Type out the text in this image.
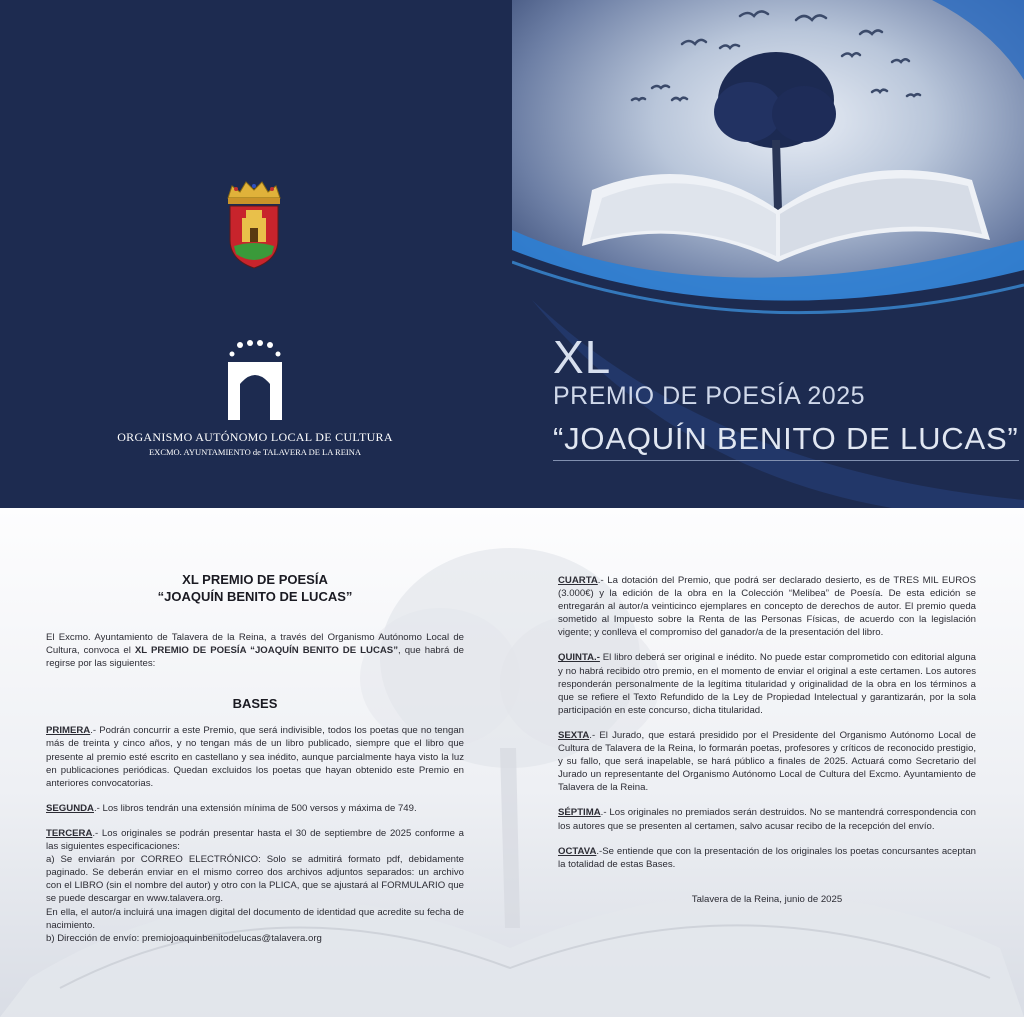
ORGANISMO AUTÓNOMO LOCAL DE CULTURA
EXCMO. AYUNTAMIENTO de TALAVERA DE LA REINA
XL
PREMIO DE POESÍA 2025
“JOAQUÍN BENITO DE LUCAS”
XL PREMIO DE POESÍA
“JOAQUÍN BENITO DE LUCAS”

El Excmo. Ayuntamiento de Talavera de la Reina, a través del Organismo Autónomo Local de Cultura, convoca el XL PREMIO DE POESÍA “JOAQUÍN BENITO DE LUCAS”, que habrá de regirse por las siguientes:

BASES

PRIMERA.- Podrán concurrir a este Premio, que será indivisible, todos los poetas que no tengan más de treinta y cinco años, y no tengan más de un libro publicado, siempre que el libro que presente al premio esté escrito en castellano y sea inédito, aunque parcialmente haya visto la luz en publicaciones periódicas. Quedan excluidos los poetas que hayan obtenido este Premio en anteriores convocatorias.

SEGUNDA.- Los libros tendrán una extensión mínima de 500 versos y máxima de 749.

TERCERA.- Los originales se podrán presentar hasta el 30 de septiembre de 2025 conforme a las siguientes especificaciones:

a) Se enviarán por CORREO ELECTRÓNICO: Solo se admitirá formato pdf, debidamente paginado. Se deberán enviar en el mismo correo dos archivos adjuntos separados: un archivo con el LIBRO (sin el nombre del autor) y otro con la PLICA, que se ajustará al FORMULARIO que se puede descargar en www.talavera.org.
En ella, el autor/a incluirá una imagen digital del documento de identidad que acredite su fecha de nacimiento.
b) Dirección de envío: premiojoaquinbenitodelucas@talavera.org

CUARTA.- La dotación del Premio, que podrá ser declarado desierto, es de TRES MIL EUROS (3.000€) y la edición de la obra en la Colección “Melibea” de Poesía. De esta edición se entregarán al autor/a veinticinco ejemplares en concepto de derechos de autor. El premio queda sometido al Impuesto sobre la Renta de las Personas Físicas, de acuerdo con la legislación vigente; y conlleva el compromiso del ganador/a de la presentación del libro.

QUINTA.- El libro deberá ser original e inédito. No puede estar comprometido con editorial alguna y no habrá recibido otro premio, en el momento de enviar el original a este certamen. Los autores responderán personalmente de la legítima titularidad y originalidad de la obra en los términos a que se refiere el Texto Refundido de la Ley de Propiedad Intelectual y garantizarán, por la sola participación en este concurso, dicha titularidad.

SEXTA.- El Jurado, que estará presidido por el Presidente del Organismo Autónomo Local de Cultura de Talavera de la Reina, lo formarán poetas, profesores y críticos de reconocido prestigio, y su fallo, que será inapelable, se hará público a finales de 2025. Actuará como Secretario del Jurado un representante del Organismo Autónomo Local de Cultura del Excmo. Ayuntamiento de Talavera de la Reina.

SÉPTIMA.- Los originales no premiados serán destruidos. No se mantendrá correspondencia con los autores que se presenten al certamen, salvo acusar recibo de la recepción del envío.

OCTAVA.-Se entiende que con la presentación de los originales los poetas concursantes aceptan la totalidad de estas Bases.

Talavera de la Reina, junio de 2025
